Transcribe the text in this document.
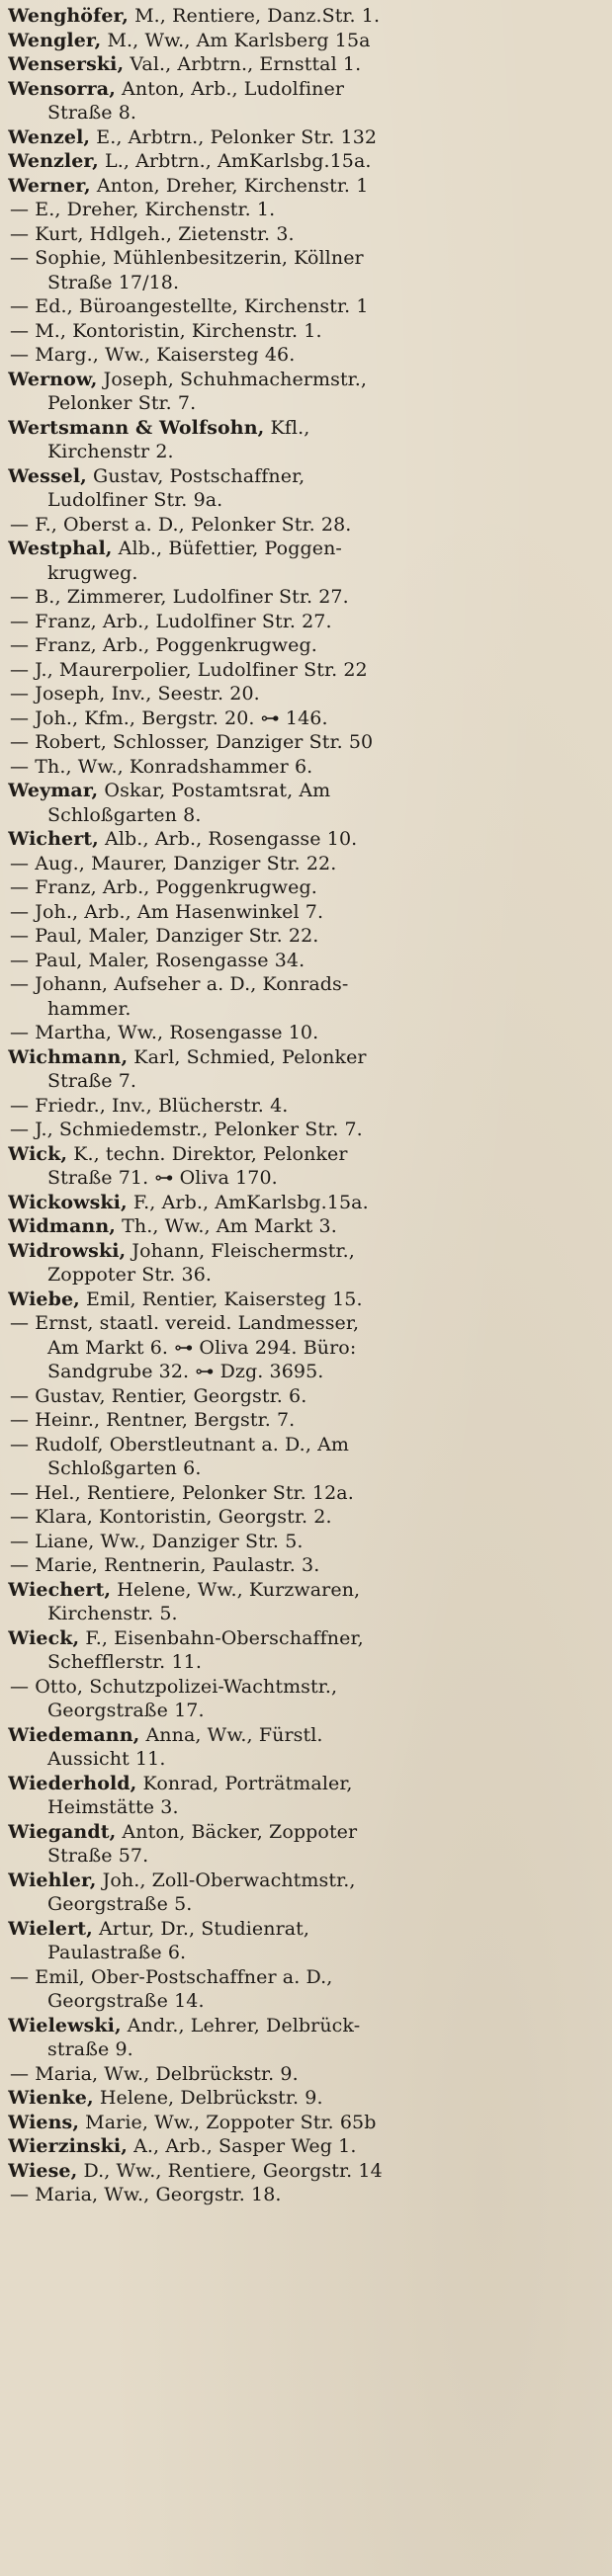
Wenghöfer, M., Rentiere, Danz.Str. 1.
Wengler, M., Ww., Am Karlsberg 15a
Wenserski, Val., Arbtrn., Ernsttal 1.
Wensorra, Anton, Arb., Ludolfiner
Straße 8.
Wenzel, E., Arbtrn., Pelonker Str. 132
Wenzler, L., Arbtrn., AmKarlsbg.15a.
Werner, Anton, Dreher, Kirchenstr. 1
— E., Dreher, Kirchenstr. 1.
— Kurt, Hdlgeh., Zietenstr. 3.
— Sophie, Mühlenbesitzerin, Köllner
Straße 17/18.
— Ed., Büroangestellte, Kirchenstr. 1
— M., Kontoristin, Kirchenstr. 1.
— Marg., Ww., Kaisersteg 46.
Wernow, Joseph, Schuhmachermstr.,
Pelonker Str. 7.
Wertsmann & Wolfsohn, Kfl.,
Kirchenstr 2.
Wessel, Gustav, Postschaffner,
Ludolfiner Str. 9a.
— F., Oberst a. D., Pelonker Str. 28.
Westphal, Alb., Büfettier, Poggen-
krugweg.
— B., Zimmerer, Ludolfiner Str. 27.
— Franz, Arb., Ludolfiner Str. 27.
— Franz, Arb., Poggenkrugweg.
— J., Maurerpolier, Ludolfiner Str. 22
— Joseph, Inv., Seestr. 20.
— Joh., Kfm., Bergstr. 20. ⊶ 146.
— Robert, Schlosser, Danziger Str. 50
— Th., Ww., Konradshammer 6.
Weymar, Oskar, Postamtsrat, Am
Schloßgarten 8.
Wichert, Alb., Arb., Rosengasse 10.
— Aug., Maurer, Danziger Str. 22.
— Franz, Arb., Poggenkrugweg.
— Joh., Arb., Am Hasenwinkel 7.
— Paul, Maler, Danziger Str. 22.
— Paul, Maler, Rosengasse 34.
— Johann, Aufseher a. D., Konrads-
hammer.
— Martha, Ww., Rosengasse 10.
Wichmann, Karl, Schmied, Pelonker
Straße 7.
— Friedr., Inv., Blücherstr. 4.
— J., Schmiedemstr., Pelonker Str. 7.
Wick, K., techn. Direktor, Pelonker
Straße 71. ⊶ Oliva 170.
Wickowski, F., Arb., AmKarlsbg.15a.
Widmann, Th., Ww., Am Markt 3.
Widrowski, Johann, Fleischermstr.,
Zoppoter Str. 36.
Wiebe, Emil, Rentier, Kaisersteg 15.
— Ernst, staatl. vereid. Landmesser,
Am Markt 6. ⊶ Oliva 294. Büro:
Sandgrube 32. ⊶ Dzg. 3695.
— Gustav, Rentier, Georgstr. 6.
— Heinr., Rentner, Bergstr. 7.
— Rudolf, Oberstleutnant a. D., Am
Schloßgarten 6.
— Hel., Rentiere, Pelonker Str. 12a.
— Klara, Kontoristin, Georgstr. 2.
— Liane, Ww., Danziger Str. 5.
— Marie, Rentnerin, Paulastr. 3.
Wiechert, Helene, Ww., Kurzwaren,
Kirchenstr. 5.
Wieck, F., Eisenbahn-Oberschaffner,
Schefflerstr. 11.
— Otto, Schutzpolizei-Wachtmstr.,
Georgstraße 17.
Wiedemann, Anna, Ww., Fürstl.
Aussicht 11.
Wiederhold, Konrad, Porträtmaler,
Heimstätte 3.
Wiegandt, Anton, Bäcker, Zoppoter
Straße 57.
Wiehler, Joh., Zoll-Oberwachtmstr.,
Georgstraße 5.
Wielert, Artur, Dr., Studienrat,
Paulastraße 6.
— Emil, Ober-Postschaffner a. D.,
Georgstraße 14.
Wielewski, Andr., Lehrer, Delbrück-
straße 9.
— Maria, Ww., Delbrückstr. 9.
Wienke, Helene, Delbrückstr. 9.
Wiens, Marie, Ww., Zoppoter Str. 65b
Wierzinski, A., Arb., Sasper Weg 1.
Wiese, D., Ww., Rentiere, Georgstr. 14
— Maria, Ww., Georgstr. 18.
